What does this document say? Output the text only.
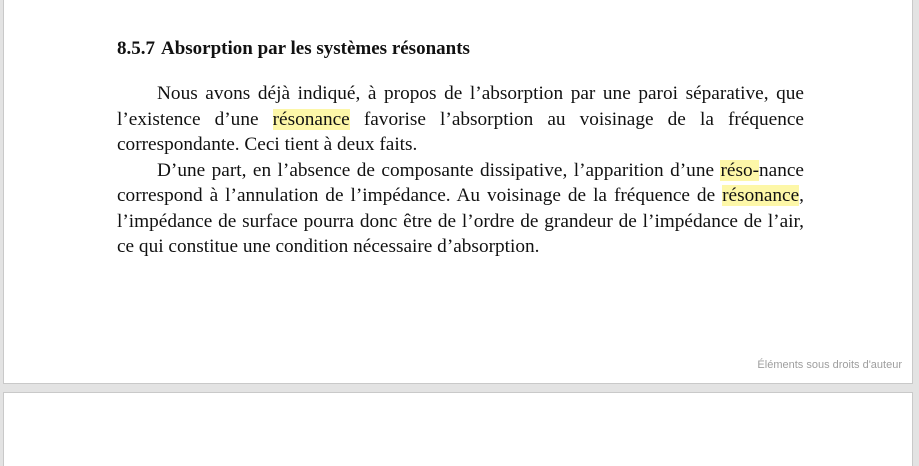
8.5.7 Absorption par les systèmes résonants

Nous avons déjà indiqué, à propos de l’absorption par une paroi séparative, que l’existence d’une résonance favorise l’absorption au voisinage de la fréquence correspondante. Ceci tient à deux faits.

D’une part, en l’absence de composante dissipative, l’apparition d’une réso-nance correspond à l’annulation de l’impédance. Au voisinage de la fréquence de résonance, l’impédance de surface pourra donc être de l’ordre de grandeur de l’impédance de l’air, ce qui constitue une condition nécessaire d’absorption.

Éléments sous droits d'auteur
